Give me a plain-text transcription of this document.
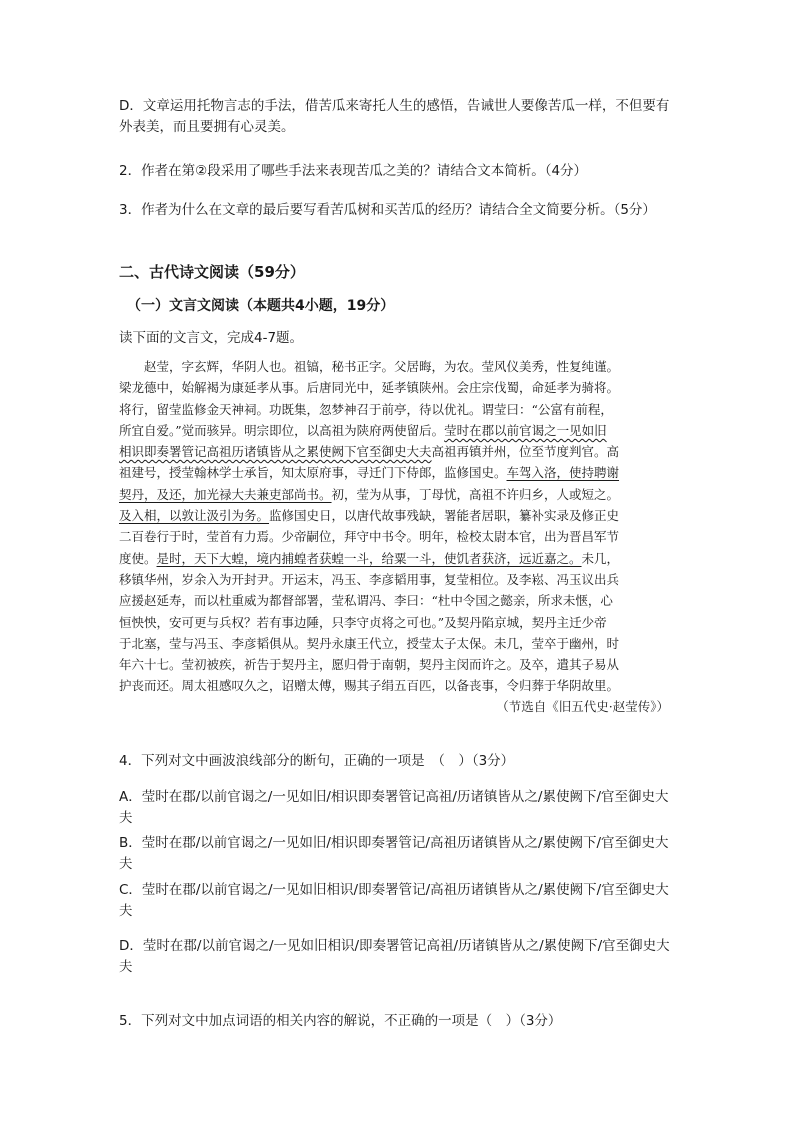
D．文章运用托物言志的手法，借苦瓜来寄托人生的感悟，告诫世人要像苦瓜一样，不但要有外表美，而且要拥有心灵美。

2．作者在第②段采用了哪些手法来表现苦瓜之美的？请结合文本简析。（4分）

3．作者为什么在文章的最后要写看苦瓜树和买苦瓜的经历？请结合全文简要分析。（5分）

二、古代诗文阅读（59分）

（一）文言文阅读（本题共4小题，19分）

读下面的文言文，完成4-7题。

　　赵莹，字玄辉，华阴人也。祖镐，秘书正字。父居晦，为农。莹风仪美秀，性复纯谨。
梁龙德中，始解褐为康延孝从事。后唐同光中，延孝镇陕州。会庄宗伐蜀，命延孝为骑将。
将行，留莹监修金天神祠。功既集，忽梦神召于前亭，待以优礼。谓莹曰：“公富有前程，
所宜自爱。”觉而骇异。明宗即位，以高祖为陕府两使留后。莹时在郡以前官谒之一见如旧
相识即奏署管记高祖历诸镇皆从之累使阙下官至御史大夫高祖再镇并州，位至节度判官。高
祖建号，授莹翰林学士承旨，知太原府事，寻迁门下侍郎，监修国史。车驾入洛，使持聘谢
契丹，及还，加光禄大夫兼吏部尚书。初，莹为从事，丁母忧，高祖不许归乡，人或短之。
及入相，以敦让汲引为务。监修国史日，以唐代故事残缺，署能者居职，纂补实录及修正史
二百卷行于时，莹首有力焉。少帝嗣位，拜守中书令。明年，检校太尉本官，出为晋昌军节
度使。是时，天下大蝗，境内捕蝗者获蝗一斗，给粟一斗，使饥者获济，远近嘉之。未几，
移镇华州，岁余入为开封尹。开运末，冯玉、李彦韬用事，复莹相位。及李崧、冯玉议出兵
应援赵延寿，而以杜重威为都督部署，莹私谓冯、李曰：“杜中令国之懿亲，所求未惬，心
恒怏怏，安可更与兵权？若有事边陲，只李守贞将之可也。”及契丹陷京城，契丹主迁少帝
于北塞，莹与冯玉、李彦韬俱从。契丹永康王代立，授莹太子太保。未几，莹卒于幽州，时
年六十七。莹初被疾，祈告于契丹主，愿归骨于南朝，契丹主闵而许之。及卒，遣其子易从
护丧而还。周太祖感叹久之，诏赠太傅，赐其子绢五百匹，以备丧事，令归葬于华阴故里。
（节选自《旧五代史·赵莹传》）

4．下列对文中画波浪线部分的断句，正确的一项是　（　）（3分）

A．莹时在郡/以前官谒之/一见如旧/相识即奏署管记高祖/历诸镇皆从之/累使阙下/官至御史大夫

B．莹时在郡/以前官谒之/一见如旧/相识即奏署管记/高祖历诸镇皆从之/累使阙下/官至御史大夫

C．莹时在郡/以前官谒之/一见如旧相识/即奏署管记/高祖历诸镇皆从之/累使阙下/官至御史大夫

D．莹时在郡/以前官谒之/一见如旧相识/即奏署管记高祖/历诸镇皆从之/累使阙下/官至御史大夫

5．下列对文中加点词语的相关内容的解说，不正确的一项是（　）（3分）
